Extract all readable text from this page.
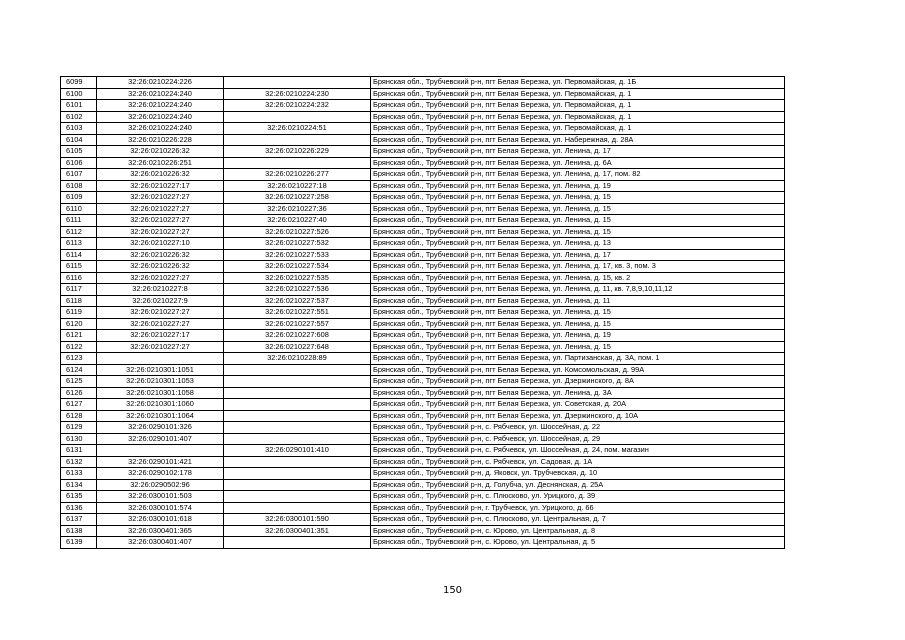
6099	32:26:0210224:226		Брянская обл., Трубчевский р-н, пгт Белая Березка, ул. Первомайская, д. 1Б
6100	32:26:0210224:240	32:26:0210224:230	Брянская обл., Трубчевский р-н, пгт Белая Березка, ул. Первомайская, д. 1
6101	32:26:0210224:240	32:26:0210224:232	Брянская обл., Трубчевский р-н, пгт Белая Березка, ул. Первомайская, д. 1
6102	32:26:0210224:240		Брянская обл., Трубчевский р-н, пгт Белая Березка, ул. Первомайская, д. 1
6103	32:26:0210224:240	32:26:0210224:51	Брянская обл., Трубчевский р-н, пгт Белая Березка, ул. Первомайская, д. 1
6104	32:26:0210226:228		Брянская обл., Трубчевский р-н, пгт Белая Березка, ул. Набережная, д. 28А
6105	32:26:0210226:32	32:26:0210226:229	Брянская обл., Трубчевский р-н, пгт Белая Березка, ул. Ленина, д. 17
6106	32:26:0210226:251		Брянская обл., Трубчевский р-н, пгт Белая Березка, ул. Ленина, д. 6А
6107	32:26:0210226:32	32:26:0210226:277	Брянская обл., Трубчевский р-н, пгт Белая Березка, ул. Ленина, д. 17, пом. 82
6108	32:26:0210227:17	32:26:0210227:18	Брянская обл., Трубчевский р-н, пгт Белая Березка, ул. Ленина, д. 19
6109	32:26:0210227:27	32:26:0210227:258	Брянская обл., Трубчевский р-н, пгт Белая Березка, ул. Ленина, д. 15
6110	32:26:0210227:27	32:26:0210227:36	Брянская обл., Трубчевский р-н, пгт Белая Березка, ул. Ленина, д. 15
6111	32:26:0210227:27	32:26:0210227:40	Брянская обл., Трубчевский р-н, пгт Белая Березка, ул. Ленина, д. 15
6112	32:26:0210227:27	32:26:0210227:526	Брянская обл., Трубчевский р-н, пгт Белая Березка, ул. Ленина, д. 15
6113	32:26:0210227:10	32:26:0210227:532	Брянская обл., Трубчевский р-н, пгт Белая Березка, ул. Ленина, д. 13
6114	32:26:0210226:32	32:26:0210227:533	Брянская обл., Трубчевский р-н, пгт Белая Березка, ул. Ленина, д. 17
6115	32:26:0210226:32	32:26:0210227:534	Брянская обл., Трубчевский р-н, пгт Белая Березка, ул. Ленина, д. 17, кв. 3, пом. 3
6116	32:26:0210227:27	32:26:0210227:535	Брянская обл., Трубчевский р-н, пгт Белая Березка, ул. Ленина, д. 15, кв. 2
6117	32:26:0210227:8	32:26:0210227:536	Брянская обл., Трубчевский р-н, пгт Белая Березка, ул. Ленина, д. 11, кв. 7,8,9,10,11,12
6118	32:26:0210227:9	32:26:0210227:537	Брянская обл., Трубчевский р-н, пгт Белая Березка, ул. Ленина, д. 11
6119	32:26:0210227:27	32:26:0210227:551	Брянская обл., Трубчевский р-н, пгт Белая Березка, ул. Ленина, д. 15
6120	32:26:0210227:27	32:26:0210227:557	Брянская обл., Трубчевский р-н, пгт Белая Березка, ул. Ленина, д. 15
6121	32:26:0210227:17	32:26:0210227:608	Брянская обл., Трубчевский р-н, пгт Белая Березка, ул. Ленина, д. 19
6122	32:26:0210227:27	32:26:0210227:648	Брянская обл., Трубчевский р-н, пгт Белая Березка, ул. Ленина, д. 15
6123		32:26:0210228:89	Брянская обл., Трубчевский р-н, пгт Белая Березка, ул. Партизанская, д. 3А, пом. 1
6124	32:26:0210301:1051		Брянская обл., Трубчевский р-н, пгт Белая Березка, ул. Комсомольская, д. 99А
6125	32:26:0210301:1053		Брянская обл., Трубчевский р-н, пгт Белая Березка, ул. Дзержинского, д. 8А
6126	32:26:0210301:1058		Брянская обл., Трубчевский р-н, пгт Белая Березка, ул. Ленина, д. 3А
6127	32:26:0210301:1060		Брянская обл., Трубчевский р-н, пгт Белая Березка, ул. Советская, д. 20А
6128	32:26:0210301:1064		Брянская обл., Трубчевский р-н, пгт Белая Березка, ул. Дзержинского, д. 10А
6129	32:26:0290101:326		Брянская обл., Трубчевский р-н, с. Рябчевск, ул. Шоссейная, д. 22
6130	32:26:0290101:407		Брянская обл., Трубчевский р-н, с. Рябчевск, ул. Шоссейная, д. 29
6131		32:26:0290101:410	Брянская обл., Трубчевский р-н, с. Рябчевск, ул. Шоссейная, д. 24, пом. магазин
6132	32:26:0290101:421		Брянская обл., Трубчевский р-н, с. Рябчевск, ул. Садовая, д. 1А
6133	32:26:0290102:178		Брянская обл., Трубчевский р-н, д. Яковск, ул. Трубчевская, д. 10
6134	32:26:0290502:96		Брянская обл., Трубчевский р-н, д. Голубча, ул. Деснянская, д. 25А
6135	32:26:0300101:503		Брянская обл., Трубчевский р-н, с. Плюсково, ул. Урицкого, д. 39
6136	32:26:0300101:574		Брянская обл., Трубчевский р-н, г. Трубчевск, ул. Урицкого, д. 66
6137	32:26:0300101:618	32:26:0300101:590	Брянская обл., Трубчевский р-н, с. Плюсково, ул. Центральная, д. 7
6138	32:26:0300401:365	32:26:0300401:351	Брянская обл., Трубчевский р-н, с. Юрово, ул. Центральная, д. 8
6139	32:26:0300401:407		Брянская обл., Трубчевский р-н, с. Юрово, ул. Центральная, д. 5
150
